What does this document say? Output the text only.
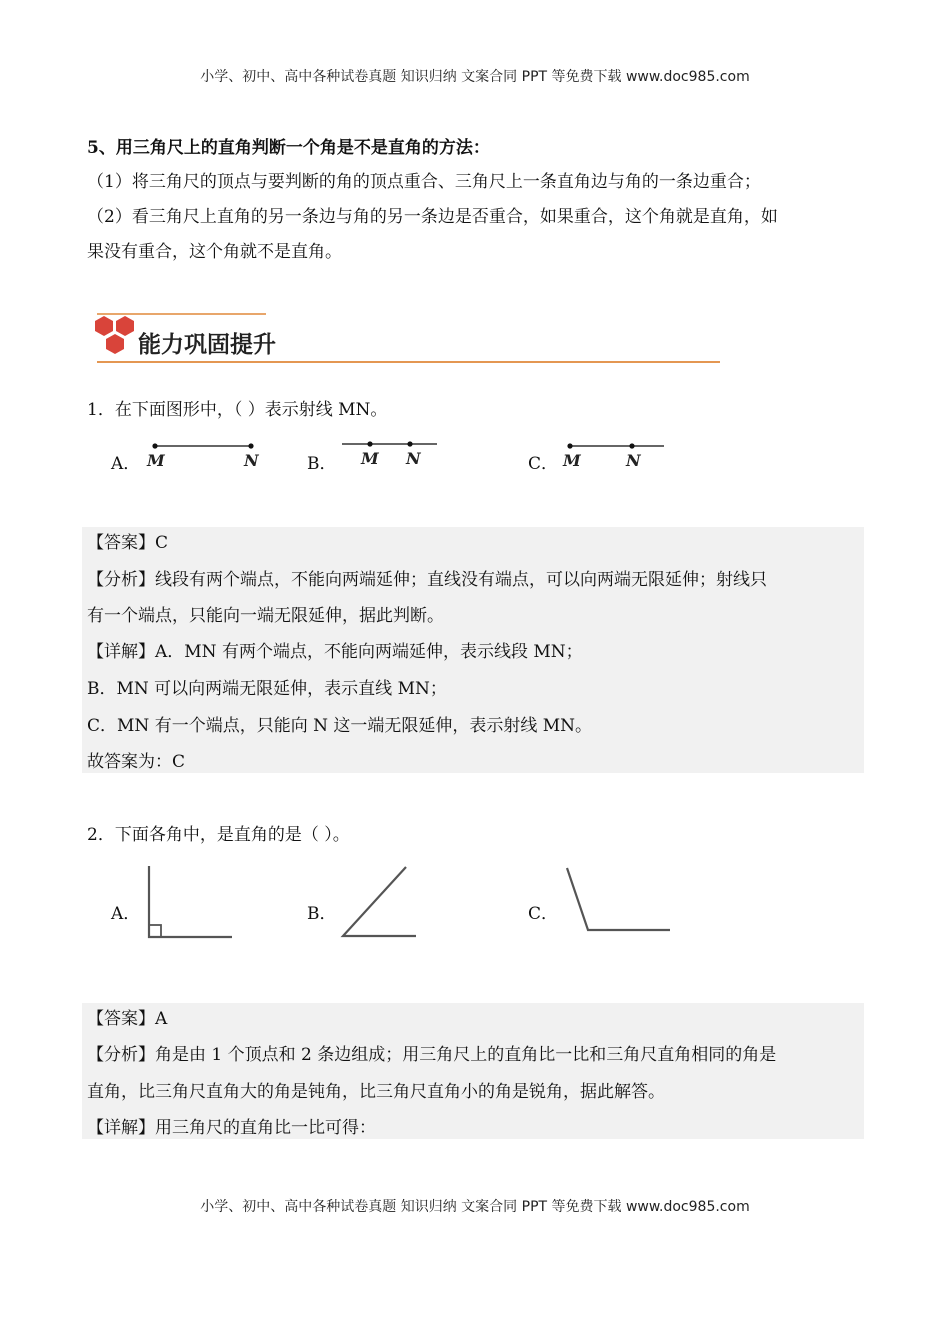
小学、初中、高中各种试卷真题 知识归纳 文案合同 PPT 等免费下载 www.doc985.com
5、用三角尺上的直角判断一个角是不是直角的方法：
（1）将三角尺的顶点与要判断的角的顶点重合、三角尺上一条直角边与角的一条边重合；
（2）看三角尺上直角的另一条边与角的另一条边是否重合，如果重合，这个角就是直角，如
果没有重合，这个角就不是直角。
能力巩固提升
1．在下面图形中，（ ）表示射线 MN。
A．	B．	C．
M	N	M N	M	N
【答案】C
【分析】线段有两个端点，不能向两端延伸；直线没有端点，可以向两端无限延伸；射线只
有一个端点，只能向一端无限延伸，据此判断。
【详解】A．MN 有两个端点，不能向两端延伸，表示线段 MN；
B．MN 可以向两端无限延伸，表示直线 MN；
C．MN 有一个端点，只能向 N 这一端无限延伸，表示射线 MN。
故答案为：C
2．下面各角中，是直角的是（ ）。
A．	B．	C．
【答案】A
【分析】角是由 1 个顶点和 2 条边组成；用三角尺上的直角比一比和三角尺直角相同的角是
直角，比三角尺直角大的角是钝角，比三角尺直角小的角是锐角，据此解答。
【详解】用三角尺的直角比一比可得：
小学、初中、高中各种试卷真题 知识归纳 文案合同 PPT 等免费下载 www.doc985.com
